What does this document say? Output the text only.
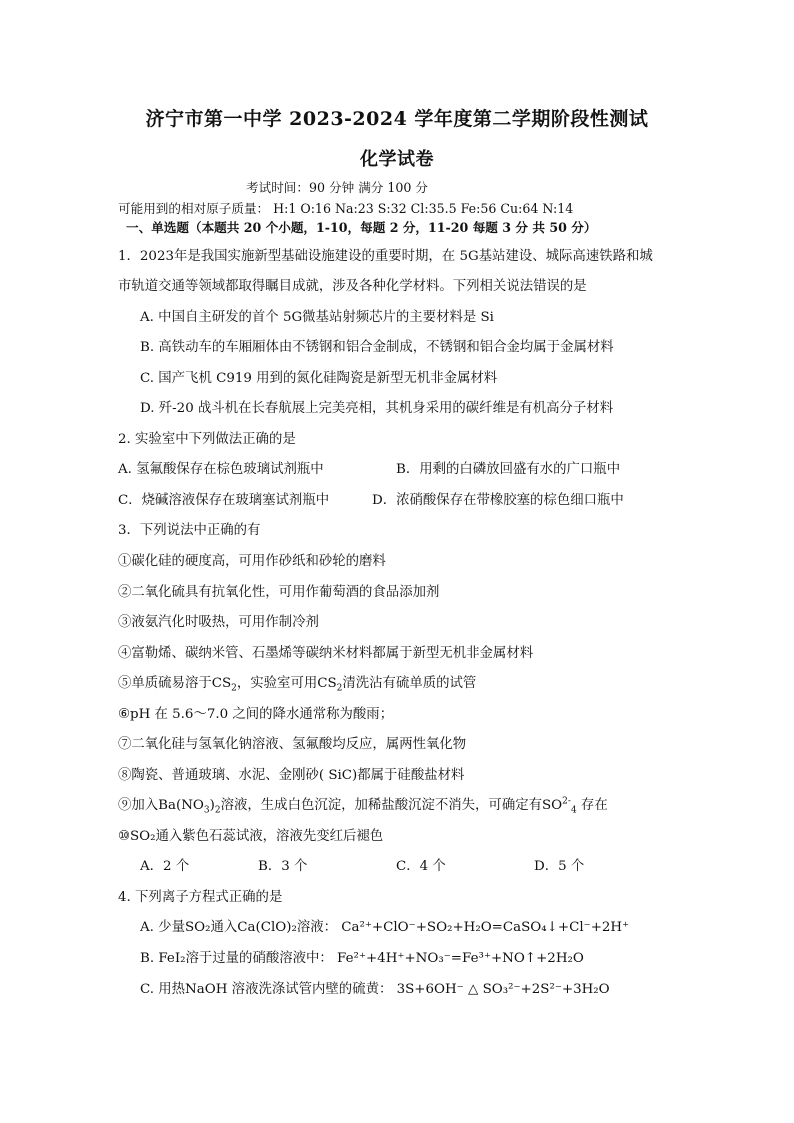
济宁市第一中学 2023-2024 学年度第二学期阶段性测试
化学试卷
考试时间：90 分钟 满分 100 分
可能用到的相对原子质量： H:1 O:16 Na:23 S:32 Cl:35.5 Fe:56 Cu:64 N:14
一、单选题（本题共 20 个小题，1-10，每题 2 分，11-20 每题 3 分 共 50 分）
1．2023年是我国实施新型基础设施建设的重要时期，在 5G基站建设、城际高速铁路和城
市轨道交通等领域都取得瞩目成就，涉及各种化学材料。下列相关说法错误的是
A. 中国自主研发的首个 5G微基站射频芯片的主要材料是 Si
B. 高铁动车的车厢厢体由不锈钢和铝合金制成，不锈钢和铝合金均属于金属材料
C. 国产飞机 C919 用到的氮化硅陶瓷是新型无机非金属材料
D. 歼-20 战斗机在长春航展上完美亮相，其机身采用的碳纤维是有机高分子材料
2. 实验室中下列做法正确的是
A. 氢氟酸保存在棕色玻璃试剂瓶中	B．用剩的白磷放回盛有水的广口瓶中
C．烧碱溶液保存在玻璃塞试剂瓶中	D．浓硝酸保存在带橡胶塞的棕色细口瓶中
3．下列说法中正确的有
①碳化硅的硬度高，可用作砂纸和砂轮的磨料
②二氧化硫具有抗氧化性，可用作葡萄酒的食品添加剂
③液氨汽化时吸热，可用作制冷剂
④富勒烯、碳纳米管、石墨烯等碳纳米材料都属于新型无机非金属材料
⑤单质硫易溶于$CS_2$，实验室可用$CS_2$清洗沾有硫单质的试管
⑥pH 在 5.6～7.0 之间的降水通常称为酸雨；
⑦二氧化硅与氢氧化钠溶液、氢氟酸均反应，属两性氧化物
⑧陶瓷、普通玻璃、水泥、金刚砂( SiC)都属于硅酸盐材料
⑨加入$Ba(NO_3)_2$溶液，生成白色沉淀，加稀盐酸沉淀不消失，可确定有$SO^{2-}_4$ 存在
⑩SO₂通入紫色石蕊试液，溶液先变红后褪色
A．2 个	B．3 个	C．4 个	D．5 个
4. 下列离子方程式正确的是
A. 少量SO₂通入Ca(ClO)₂溶液： Ca²⁺+ClO⁻+SO₂+H₂O=CaSO₄↓+Cl⁻+2H⁺
B. FeI₂溶于过量的硝酸溶液中： Fe²⁺+4H⁺+NO₃⁻=Fe³⁺+NO↑+2H₂O
C. 用热NaOH 溶液洗涤试管内壁的硫黄： 3S+6OH⁻ △ SO₃²⁻+2S²⁻+3H₂O
